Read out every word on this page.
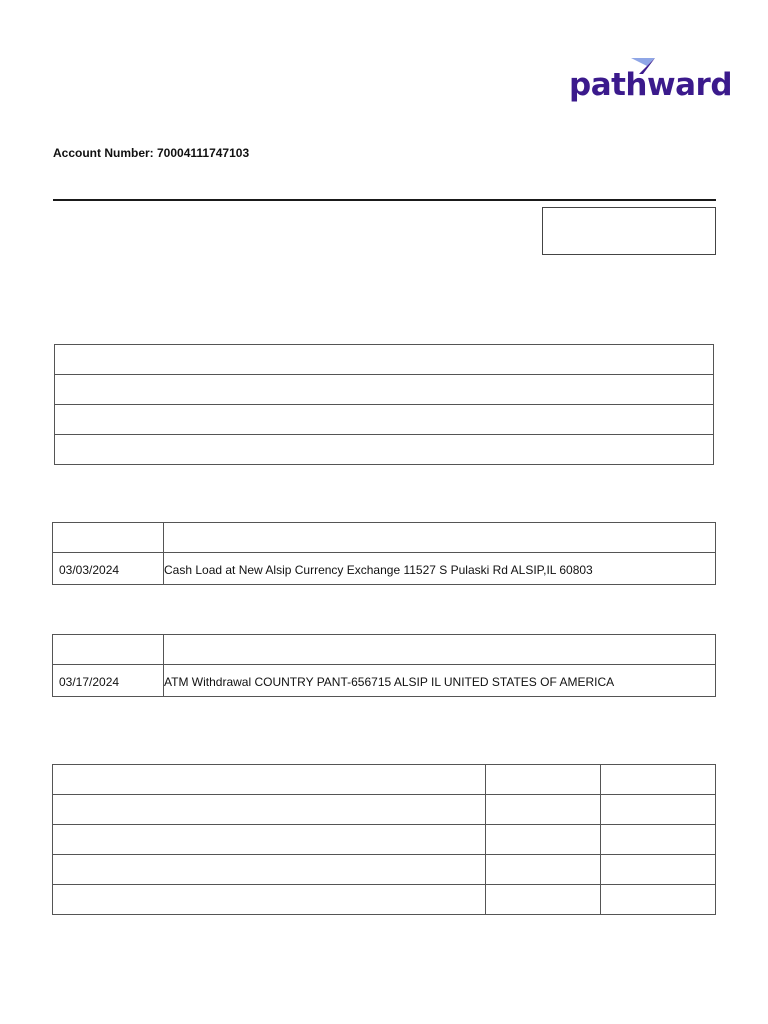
pathward
Account Number: 70004111747103

03/03/2024	Cash Load at New Alsip Currency Exchange 11527 S Pulaski Rd ALSIP,IL 60803

03/17/2024	ATM Withdrawal COUNTRY PANT-656715 ALSIP IL UNITED STATES OF AMERICA
